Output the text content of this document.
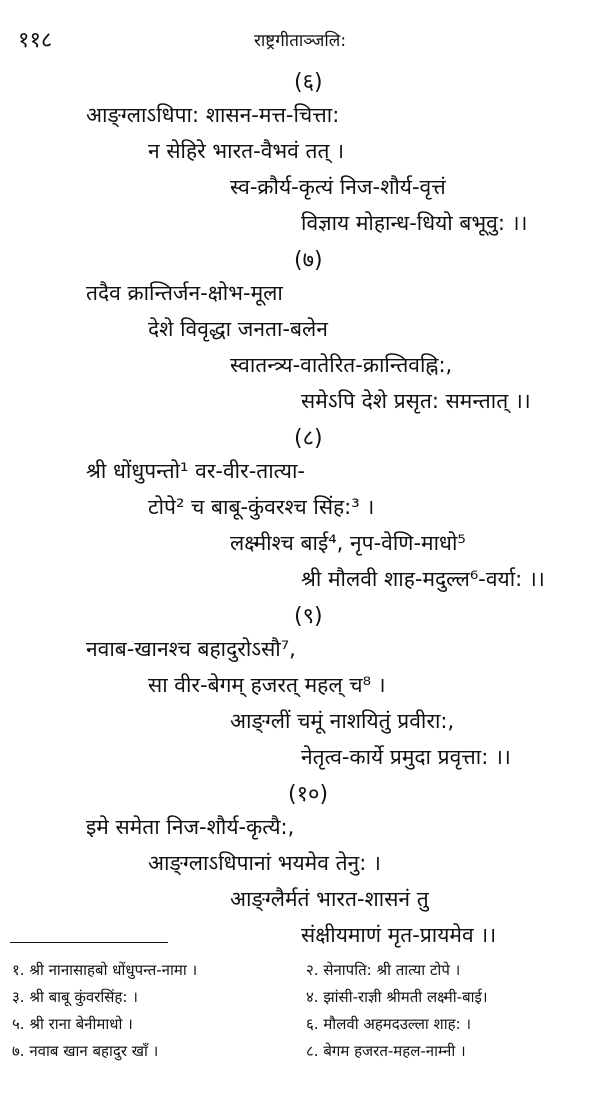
११८	राष्ट्रगीताञ्जलि:
(६)
आङ्ग्लाऽधिपा: शासन-मत्त-चित्ता:
न सेहिरे भारत-वैभवं तत् ।
स्व-क्रौर्य-कृत्यं निज-शौर्य-वृत्तं
विज्ञाय मोहान्ध-धियो बभूवु: ।।
(७)
तदैव क्रान्तिर्जन-क्षोभ-मूला
देशे विवृद्धा जनता-बलेन
स्वातन्त्र्य-वातेरित-क्रान्तिवह्नि:,
समेऽपि देशे प्रसृत: समन्तात् ।।
(८)
श्री धोंधुपन्तो¹ वर-वीर-तात्या-
टोपे² च बाबू-कुंवरश्च सिंह:³ ।
लक्ष्मीश्च बाई⁴, नृप-वेणि-माधो⁵
श्री मौलवी शाह-मदुल्ल⁶-वर्या: ।।
(९)
नवाब-खानश्च बहादुरोऽसौ⁷,
सा वीर-बेगम् हजरत् महल् च⁸ ।
आङ्ग्लीं चमूं नाशयितुं प्रवीरा:,
नेतृत्व-कार्ये प्रमुदा प्रवृत्ता: ।।
(१०)
इमे समेता निज-शौर्य-कृत्यै:,
आङ्ग्लाऽधिपानां भयमेव तेनु: ।
आङ्ग्लैर्मतं भारत-शासनं तु
संक्षीयमाणं मृत-प्रायमेव ।।
१. श्री नानासाहबो धोंधुपन्त-नामा ।	२. सेनापति: श्री तात्या टोपे ।
३. श्री बाबू कुंवरसिंह: ।	४. झांसी-राज्ञी श्रीमती लक्ष्मी-बाई।
५. श्री राना बेनीमाधो ।	६. मौलवी अहमदउल्ला शाह: ।
७. नवाब खान बहादुर खाँ ।	८. बेगम हजरत-महल-नाम्नी ।
